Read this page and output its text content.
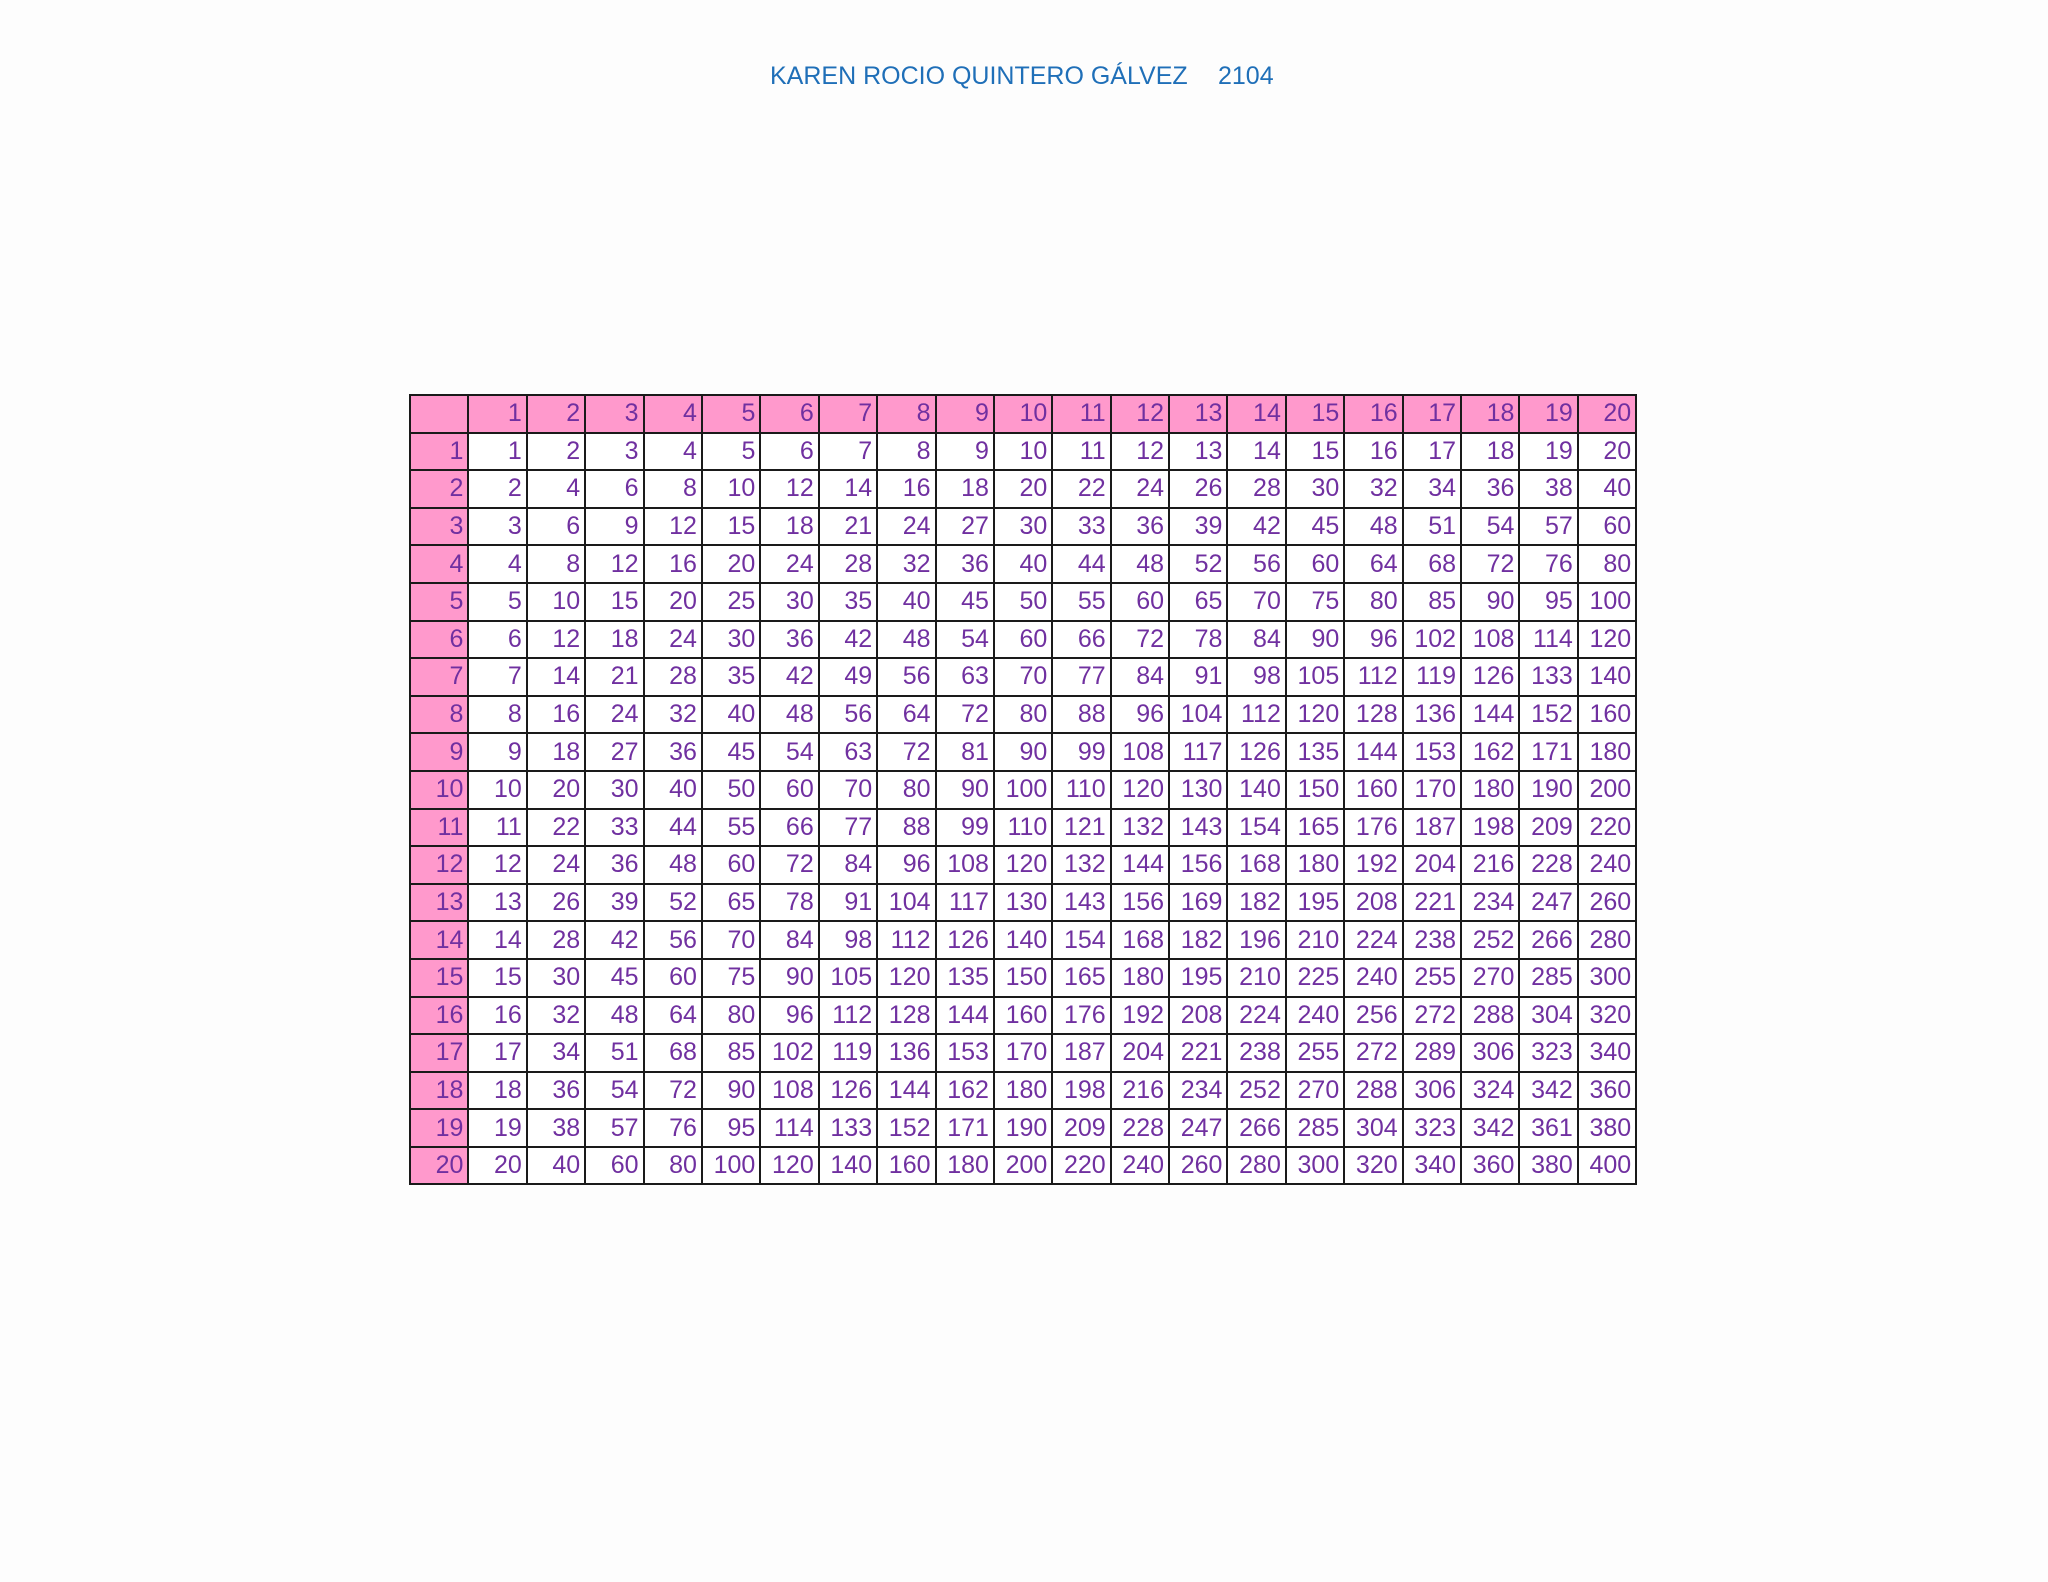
KAREN ROCIO QUINTERO GÁLVEZ 2104
	1	2	3	4	5	6	7	8	9	10	11	12	13	14	15	16	17	18	19	20
1	1	2	3	4	5	6	7	8	9	10	11	12	13	14	15	16	17	18	19	20
2	2	4	6	8	10	12	14	16	18	20	22	24	26	28	30	32	34	36	38	40
3	3	6	9	12	15	18	21	24	27	30	33	36	39	42	45	48	51	54	57	60
4	4	8	12	16	20	24	28	32	36	40	44	48	52	56	60	64	68	72	76	80
5	5	10	15	20	25	30	35	40	45	50	55	60	65	70	75	80	85	90	95	100
6	6	12	18	24	30	36	42	48	54	60	66	72	78	84	90	96	102	108	114	120
7	7	14	21	28	35	42	49	56	63	70	77	84	91	98	105	112	119	126	133	140
8	8	16	24	32	40	48	56	64	72	80	88	96	104	112	120	128	136	144	152	160
9	9	18	27	36	45	54	63	72	81	90	99	108	117	126	135	144	153	162	171	180
10	10	20	30	40	50	60	70	80	90	100	110	120	130	140	150	160	170	180	190	200
11	11	22	33	44	55	66	77	88	99	110	121	132	143	154	165	176	187	198	209	220
12	12	24	36	48	60	72	84	96	108	120	132	144	156	168	180	192	204	216	228	240
13	13	26	39	52	65	78	91	104	117	130	143	156	169	182	195	208	221	234	247	260
14	14	28	42	56	70	84	98	112	126	140	154	168	182	196	210	224	238	252	266	280
15	15	30	45	60	75	90	105	120	135	150	165	180	195	210	225	240	255	270	285	300
16	16	32	48	64	80	96	112	128	144	160	176	192	208	224	240	256	272	288	304	320
17	17	34	51	68	85	102	119	136	153	170	187	204	221	238	255	272	289	306	323	340
18	18	36	54	72	90	108	126	144	162	180	198	216	234	252	270	288	306	324	342	360
19	19	38	57	76	95	114	133	152	171	190	209	228	247	266	285	304	323	342	361	380
20	20	40	60	80	100	120	140	160	180	200	220	240	260	280	300	320	340	360	380	400
